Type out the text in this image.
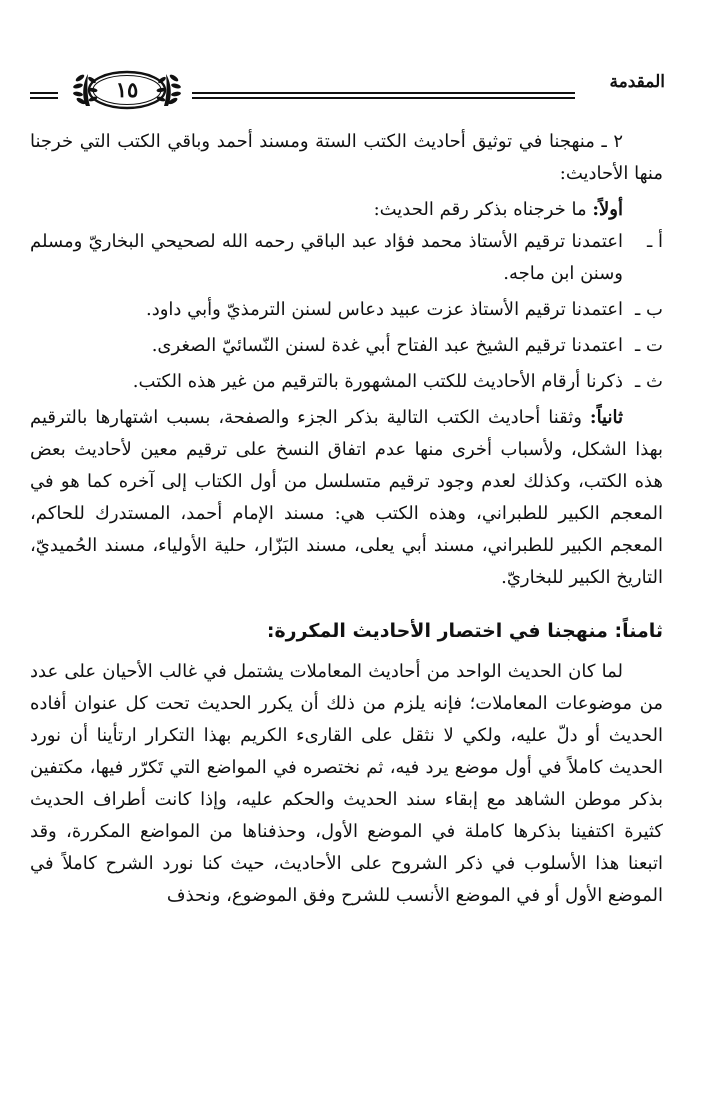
المقدمة
١٥

٢ ـ منهجنا في توثيق أحاديث الكتب الستة ومسند أحمد وباقي الكتب التي خرجنا منها الأحاديث:

أولاً: ما خرجناه بذكر رقم الحديث:

أ ـ
اعتمدنا ترقيم الأستاذ محمد فؤاد عبد الباقي رحمه الله لصحيحي البخاريّ ومسلم وسنن ابن ماجه.
ب ـ
اعتمدنا ترقيم الأستاذ عزت عبيد دعاس لسنن الترمذيّ وأبي داود.
ت ـ
اعتمدنا ترقيم الشيخ عبد الفتاح أبي غدة لسنن النّسائيّ الصغرى.
ث ـ
ذكرنا أرقام الأحاديث للكتب المشهورة بالترقيم من غير هذه الكتب.

ثانياً: وثقنا أحاديث الكتب التالية بذكر الجزء والصفحة، بسبب اشتهارها بالترقيم بهذا الشكل، ولأسباب أخرى منها عدم اتفاق النسخ على ترقيم معين لأحاديث بعض هذه الكتب، وكذلك لعدم وجود ترقيم متسلسل من أول الكتاب إلى آخره كما هو في المعجم الكبير للطبراني، وهذه الكتب هي: مسند الإمام أحمد، المستدرك للحاكم، المعجم الكبير للطبراني، مسند أبي يعلى، مسند البَزّار، حلية الأولياء، مسند الحُميديّ، التاريخ الكبير للبخاريّ.

ثامناً: منهجنا في اختصار الأحاديث المكررة:

لما كان الحديث الواحد من أحاديث المعاملات يشتمل في غالب الأحيان على عدد من موضوعات المعاملات؛ فإنه يلزم من ذلك أن يكرر الحديث تحت كل عنوان أفاده الحديث أو دلّ عليه، ولكي لا نثقل على القارىء الكريم بهذا التكرار ارتأينا أن نورد الحديث كاملاً في أول موضع يرد فيه، ثم نختصره في المواضع التي تَكرّر فيها، مكتفين بذكر موطن الشاهد مع إبقاء سند الحديث والحكم عليه، وإذا كانت أطراف الحديث كثيرة اكتفينا بذكرها كاملة في الموضع الأول، وحذفناها من المواضع المكررة، وقد اتبعنا هذا الأسلوب في ذكر الشروح على الأحاديث، حيث كنا نورد الشرح كاملاً في الموضع الأول أو في الموضع الأنسب للشرح وفق الموضوع، ونحذف
